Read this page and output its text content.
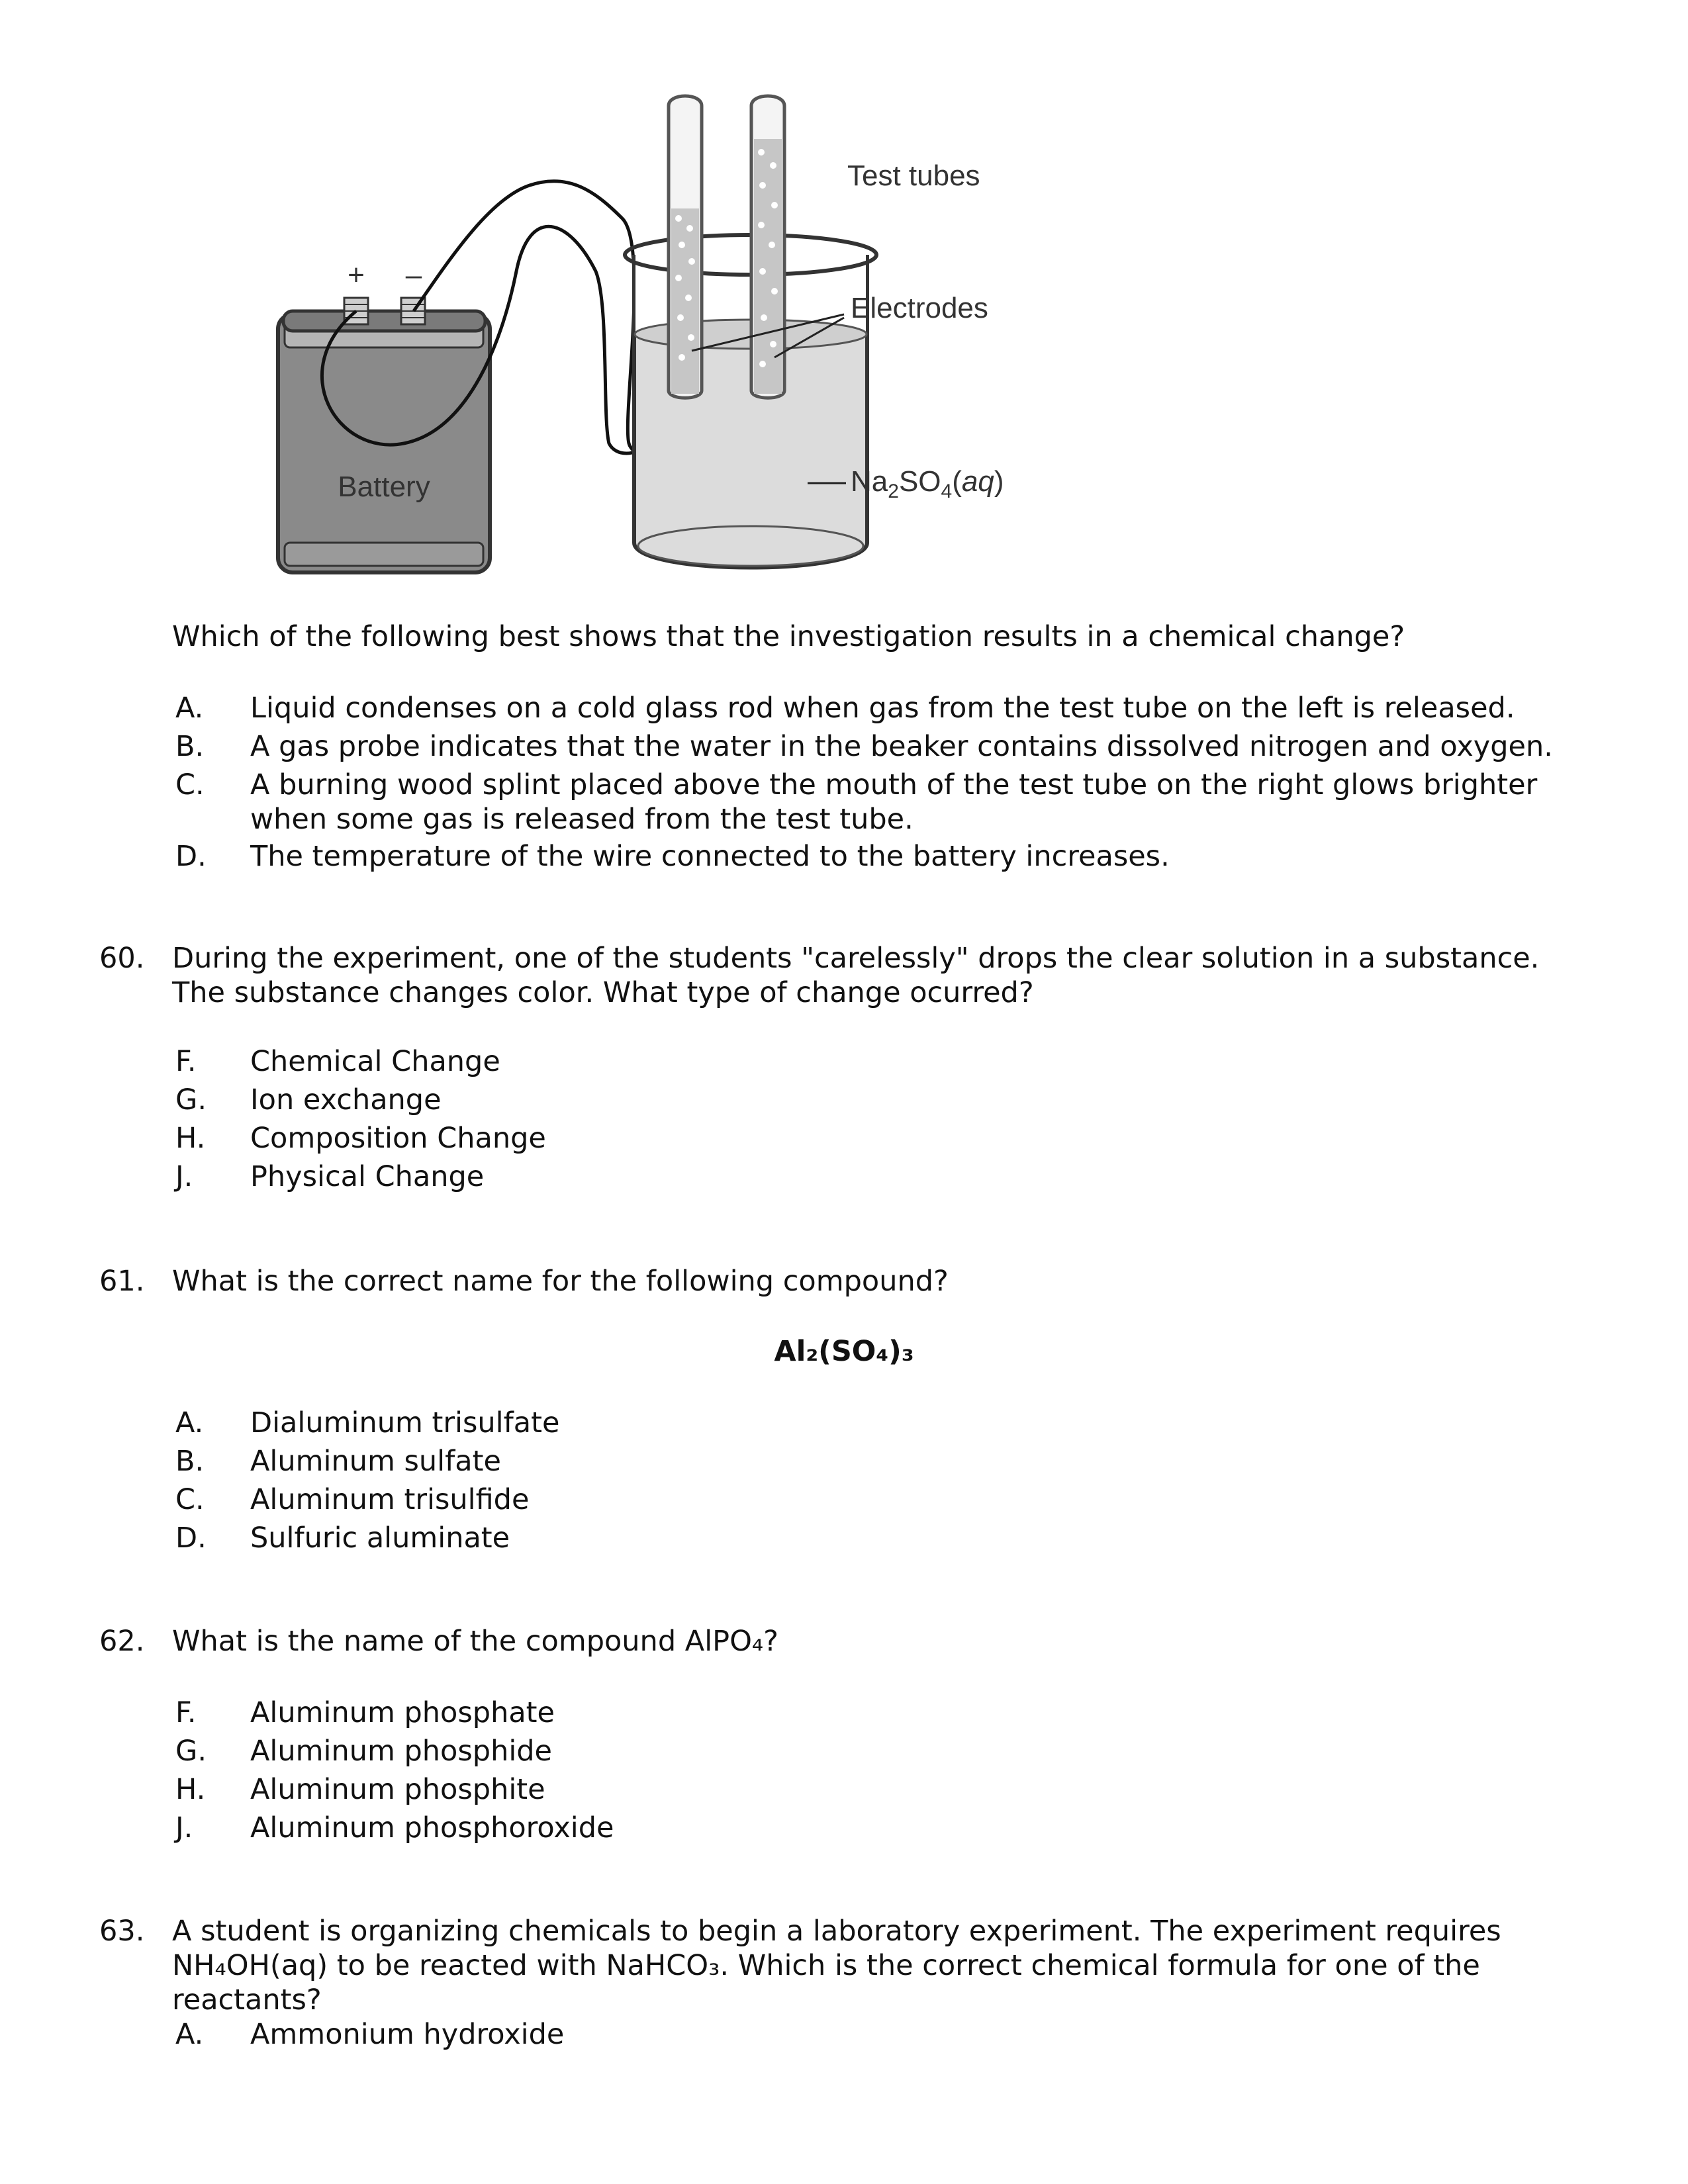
+ –
Battery
Test tubes
Electrodes
$Na_2SO_4(aq)$
Which of the following best shows that the investigation results in a chemical change?
A. Liquid condenses on a cold glass rod when gas from the test tube on the left is released.
B. A gas probe indicates that the water in the beaker contains dissolved nitrogen and oxygen.
C. A burning wood splint placed above the mouth of the test tube on the right glows brighter when some gas is released from the test tube.
D. The temperature of the wire connected to the battery increases.
60. During the experiment, one of the students "carelessly" drops the clear solution in a substance. The substance changes color. What type of change ocurred?
F. Chemical Change
G. Ion exchange
H. Composition Change
J. Physical Change
61. What is the correct name for the following compound?
Al₂(SO₄)₃
A. Dialuminum trisulfate
B. Aluminum sulfate
C. Aluminum trisulfide
D. Sulfuric aluminate
62. What is the name of the compound AlPO₄?
F. Aluminum phosphate
G. Aluminum phosphide
H. Aluminum phosphite
J. Aluminum phosphoroxide
63. A student is organizing chemicals to begin a laboratory experiment. The experiment requires NH₄OH(aq) to be reacted with NaHCO₃. Which is the correct chemical formula for one of the reactants?
A. Ammonium hydroxide
